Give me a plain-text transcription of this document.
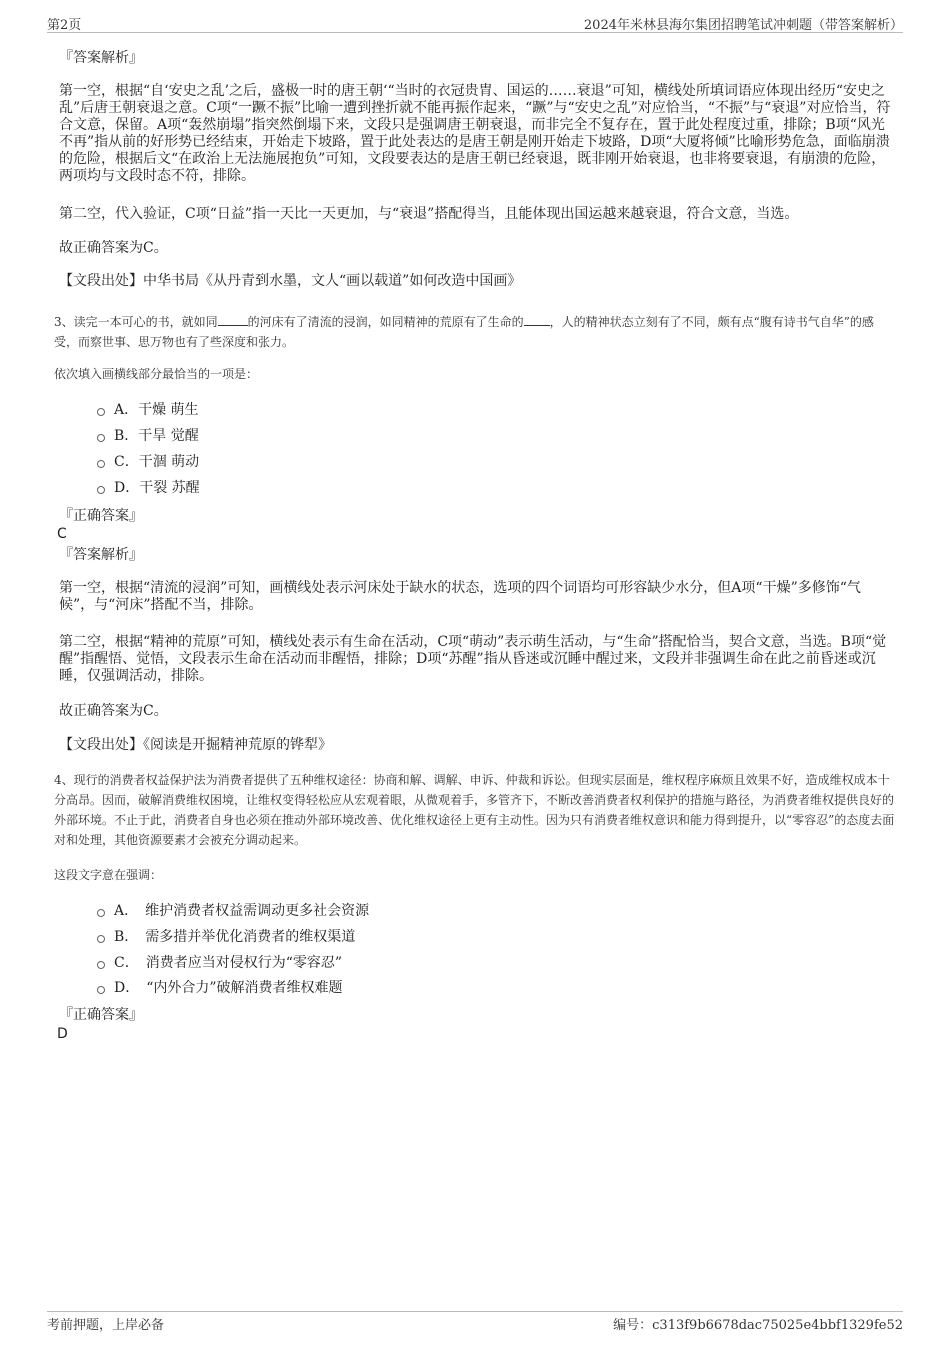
第2页	2024年米林县海尔集团招聘笔试冲刺题（带答案解析）
『答案解析』
第一空，根据“自‘安史之乱’之后，盛极一时的唐王朝‘“当时的衣冠贵胄、国运的……衰退”可知，横线处所填词语应体现出经历“安史之乱”后唐王朝衰退之意。C项“一蹶不振”比喻一遭到挫折就不能再振作起来，“蹶”与“安史之乱”对应恰当，“不振”与“衰退”对应恰当，符合文意，保留。A项“轰然崩塌”指突然倒塌下来，文段只是强调唐王朝衰退，而非完全不复存在，置于此处程度过重，排除；B项“风光不再”指从前的好形势已经结束，开始走下坡路，置于此处表达的是唐王朝是刚开始走下坡路，D项“大厦将倾”比喻形势危急，面临崩溃的危险，根据后文“在政治上无法施展抱负”可知，文段要表达的是唐王朝已经衰退，既非刚开始衰退，也非将要衰退，有崩溃的危险，两项均与文段时态不符，排除。
第二空，代入验证，C项“日益”指一天比一天更加，与“衰退”搭配得当，且能体现出国运越来越衰退，符合文意，当选。
故正确答案为C。
【文段出处】中华书局《从丹青到水墨，文人“画以载道”如何改造中国画》
3、读完一本可心的书，就如同	的河床有了清流的浸润，如同精神的荒原有了生命的 ，人的精神状态立刻有了不同，颇有点“腹有诗书气自华”的感受，而察世事、思万物也有了些深度和张力。
依次填入画横线部分最恰当的一项是：
A．干燥 萌生
B．干旱 觉醒
C．干涸 萌动
D．干裂 苏醒
『正确答案』
C
『答案解析』
第一空，根据“清流的浸润”可知，画横线处表示河床处于缺水的状态，选项的四个词语均可形容缺少水分，但A项“干燥”多修饰“气候”，与“河床”搭配不当，排除。
第二空，根据“精神的荒原”可知，横线处表示有生命在活动，C项“萌动”表示萌生活动，与“生命”搭配恰当，契合文意，当选。B项“觉醒”指醒悟、觉悟，文段表示生命在活动而非醒悟，排除；D项“苏醒”指从昏迷或沉睡中醒过来，文段并非强调生命在此之前昏迷或沉睡，仅强调活动，排除。
故正确答案为C。
【文段出处】《阅读是开掘精神荒原的铧犁》
4、现行的消费者权益保护法为消费者提供了五种维权途径：协商和解、调解、申诉、仲裁和诉讼。但现实层面是，维权程序麻烦且效果不好，造成维权成本十分高昂。因而，破解消费维权困境，让维权变得轻松应从宏观着眼，从微观着手，多管齐下，不断改善消费者权利保护的措施与路径，为消费者维权提供良好的外部环境。不止于此，消费者自身也必须在推动外部环境改善、优化维权途径上更有主动性。因为只有消费者维权意识和能力得到提升，以“零容忍”的态度去面对和处理，其他资源要素才会被充分调动起来。
这段文字意在强调：
A．　维护消费者权益需调动更多社会资源
B．　需多措并举优化消费者的维权渠道
C．　消费者应当对侵权行为“零容忍”
D．　“内外合力”破解消费者维权难题
『正确答案』
D
考前押题，上岸必备	编号：c313f9b6678dac75025e4bbf1329fe52
